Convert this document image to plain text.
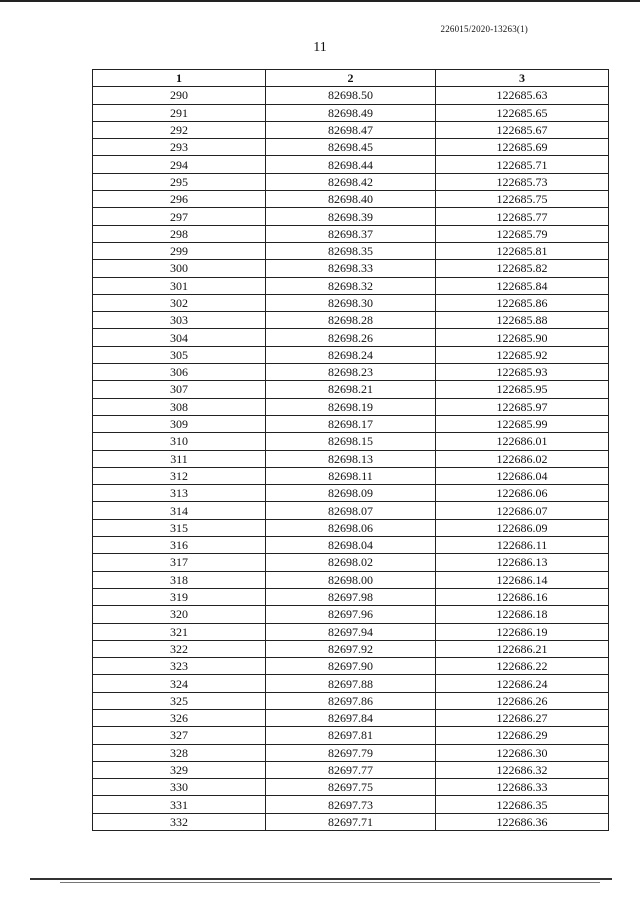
226015/2020-13263(1)
11
1	2	3
290	82698.50	122685.63
291	82698.49	122685.65
292	82698.47	122685.67
293	82698.45	122685.69
294	82698.44	122685.71
295	82698.42	122685.73
296	82698.40	122685.75
297	82698.39	122685.77
298	82698.37	122685.79
299	82698.35	122685.81
300	82698.33	122685.82
301	82698.32	122685.84
302	82698.30	122685.86
303	82698.28	122685.88
304	82698.26	122685.90
305	82698.24	122685.92
306	82698.23	122685.93
307	82698.21	122685.95
308	82698.19	122685.97
309	82698.17	122685.99
310	82698.15	122686.01
311	82698.13	122686.02
312	82698.11	122686.04
313	82698.09	122686.06
314	82698.07	122686.07
315	82698.06	122686.09
316	82698.04	122686.11
317	82698.02	122686.13
318	82698.00	122686.14
319	82697.98	122686.16
320	82697.96	122686.18
321	82697.94	122686.19
322	82697.92	122686.21
323	82697.90	122686.22
324	82697.88	122686.24
325	82697.86	122686.26
326	82697.84	122686.27
327	82697.81	122686.29
328	82697.79	122686.30
329	82697.77	122686.32
330	82697.75	122686.33
331	82697.73	122686.35
332	82697.71	122686.36
